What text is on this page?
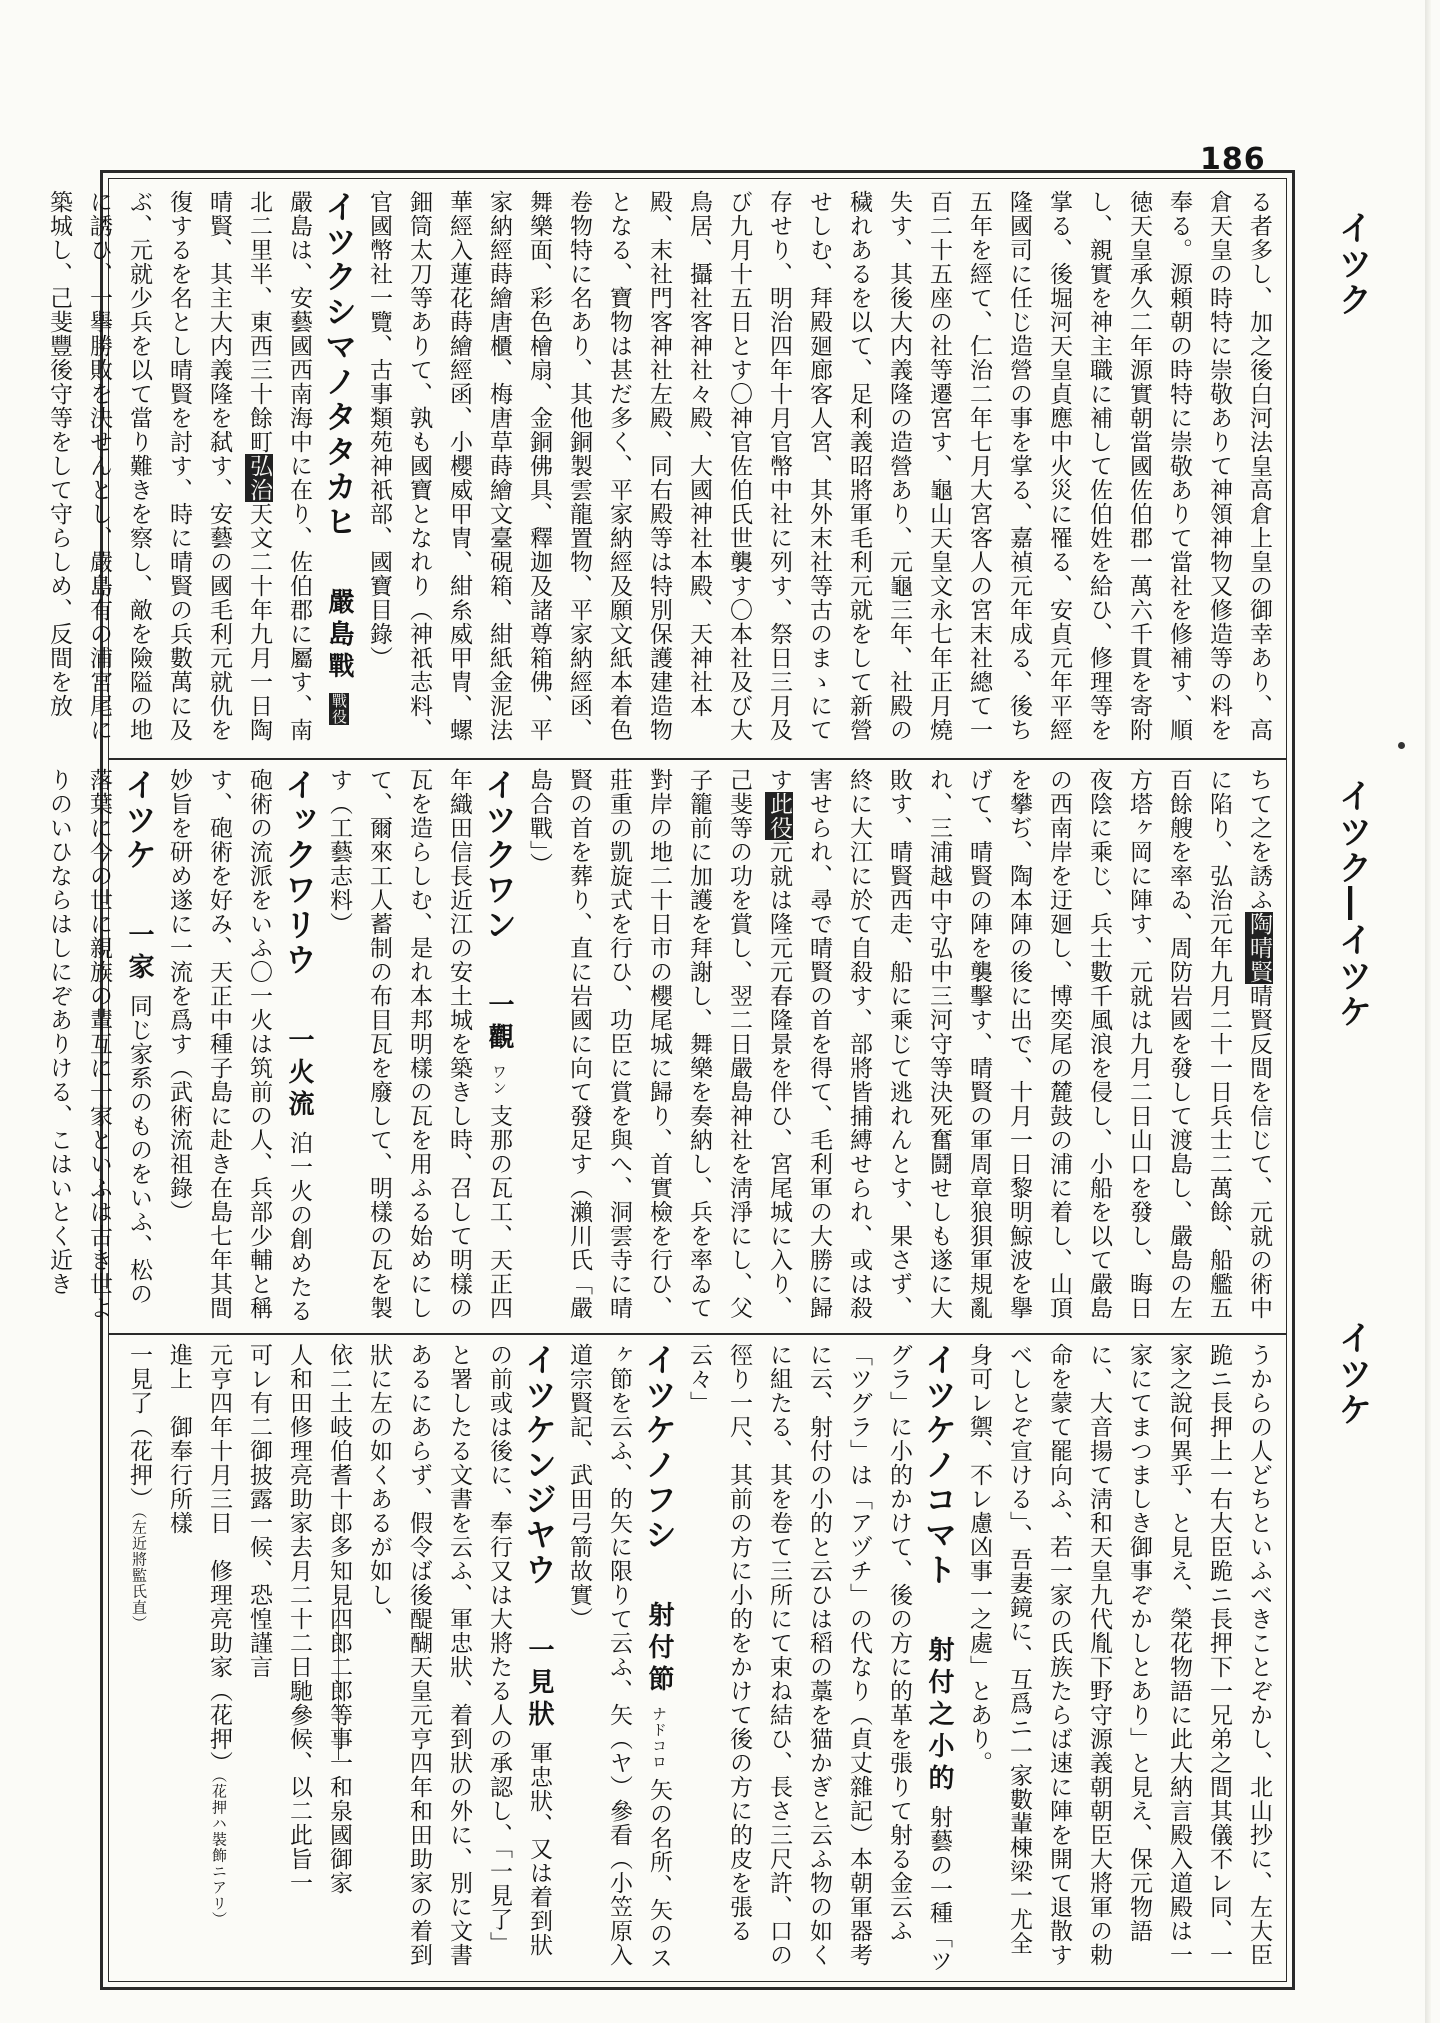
186
イツク
イツク―イツケ
イツケ
る者多し、加之後白河法皇高倉上皇の御幸あり、高倉天皇の時特に崇敬ありて神領神物又修造等の料を奉る。源頼朝の時特に崇敬ありて當社を修補す、順徳天皇承久二年源實朝當國佐伯郡一萬六千貫を寄附し、親實を神主職に補して佐伯姓を給ひ、修理等を掌る、後堀河天皇貞應中火災に罹る、安貞元年平經隆國司に任じ造營の事を掌る、嘉禎元年成る、後ち五年を經て、仁治二年七月大宮客人の宮末社總て一百二十五座の社等遷宮す、龜山天皇文永七年正月燒失す、其後大内義隆の造營あり、元龜三年、社殿の穢れあるを以て、足利義昭將軍毛利元就をして新營せしむ、拜殿廻廊客人宮、其外末社等古のまゝにて存せり、明治四年十月官幣中社に列す、祭日三月及び九月十五日とす〇神官佐伯氏世襲す〇本社及び大鳥居、攝社客神社々殿、大國神社本殿、天神社本殿、末社門客神社左殿、同右殿等は特別保護建造物となる、寶物は甚だ多く、平家納經及願文紙本着色卷物特に名あり、其他銅製雲龍置物、平家納經函、舞樂面、彩色檜扇、金銅佛具、釋迦及諸尊箱佛、平家納經蒔繪唐櫃、梅唐草蒔繪文臺硯箱、紺紙金泥法華經入蓮花蒔繪經函、小櫻威甲冑、紺糸威甲冑、螺鈿筒太刀等ありて、孰も國寶となれり（神祇志料、官國幣社一覽、古事類苑神祇部、國寶目錄）
イツクシマノタタカヒ 嚴島戰 戰役
嚴島は、安藝國西南海中に在り、佐伯郡に屬す、南北二里半、東西三十餘町弘治天文二十年九月一日陶晴賢、其主大内義隆を弑す、安藝の國毛利元就仇を復するを名とし晴賢を討す、時に晴賢の兵數萬に及ぶ、元就少兵を以て當り難きを察し、敵を險隘の地に誘ひ、一擧勝敗を決せんとし、嚴島有の浦宮尾に築城し、己斐豐後守等をして守らしめ、反間を放
ちて之を誘ふ陶晴賢晴賢反間を信じて、元就の術中に陷り、弘治元年九月二十一日兵士二萬餘、船艦五百餘艘を率ゐ、周防岩國を發して渡島し、嚴島の左方塔ヶ岡に陣す、元就は九月二日山口を發し、晦日夜陰に乘じ、兵士數千風浪を侵し、小船を以て嚴島の西南岸を迂廻し、博奕尾の麓鼓の浦に着し、山頂を攀ぢ、陶本陣の後に出で、十月一日黎明鯨波を擧げて、晴賢の陣を襲擊す、晴賢の軍周章狼狽軍規亂れ、三浦越中守弘中三河守等決死奮鬪せしも遂に大敗す、晴賢西走、船に乘じて逃れんとす、果さず、終に大江に於て自殺す、部將皆捕縛せられ、或は殺害せられ、尋で晴賢の首を得て、毛利軍の大勝に歸す此役元就は隆元元春隆景を伴ひ、宮尾城に入り、己斐等の功を賞し、翌二日嚴島神社を淸淨にし、父子籠前に加護を拜謝し、舞樂を奏納し、兵を率ゐて對岸の地二十日市の櫻尾城に歸り、首實檢を行ひ、莊重の凱旋式を行ひ、功臣に賞を與へ、洞雲寺に晴賢の首を葬り、直に岩國に向て發足す（瀨川氏「嚴島合戰」）
イツクワン 一觀 ワン 支那の瓦工、天正四年織田信長近江の安土城を築きし時、召して明樣の瓦を造らしむ、是れ本邦明樣の瓦を用ふる始めにして、爾來工人蓄制の布目瓦を廢して、明樣の瓦を製す（工藝志料）
イックワリウ 一火流 泊一火の創めたる砲術の流派をいふ〇一火は筑前の人、兵部少輔と稱す、砲術を好み、天正中種子島に赴き在島七年其間妙旨を研め遂に一流を爲す（武術流祖錄）
イツケ 一家 同じ家系のものをいふ、松の落葉に今の世に親族の輩互に一家といふは古き世よりのいひならはしにぞありける、こはいとく近き
うからの人どちといふべきことぞかし、北山抄に、左大臣跪ニ長押上一右大臣跪ニ長押下一兄弟之間其儀不レ同、一家之說何異乎、と見え、榮花物語に此大納言殿入道殿は一家にてまつましき御事ぞかしとあり」と見え、保元物語に、大音揚て淸和天皇九代胤下野守源義朝朝臣大將軍の勅命を蒙て罷向ふ、若一家の氏族たらば速に陣を開て退散すべしとぞ宣ける」、吾妻鏡に、互爲ニ一家數輩棟梁一尤全身可レ禦、不レ慮凶事一之處」とあり。
イツケノコマト 射付之小的 射藝の一種「ツグラ」に小的かけて、後の方に的革を張りて射る金云ふ「ツグラ」は「アヅチ」の代なり（貞丈雜記）本朝軍器考に云、射付の小的と云ひは稻の藁を猫かぎと云ふ物の如くに組たる、其を卷て三所にて束ね結ひ、長さ三尺許、口の徑り一尺、其前の方に小的をかけて後の方に的皮を張る云々」
イツケノフシ 射付節 ナドコロ 矢の名所、矢のスヶ節を云ふ、的矢に限りて云ふ、矢（ヤ）參看（小笠原入道宗賢記、武田弓箭故實）
イツケンジヤウ 一見狀 軍忠狀、又は着到狀の前或は後に、奉行又は大將たる人の承認し、「一見了」と署したる文書を云ふ、軍忠狀、着到狀の外に、別に文書あるにあらず、假令ば後醍醐天皇元亨四年和田助家の着到狀に左の如くあるが如し、
依二土岐伯耆十郎多知見四郎二郎等事一和泉國御家
人和田修理亮助家去月二十二日馳參候、以二此旨一
可レ有二御披露一候、恐惶謹言
元亨四年十月三日　修理亮助家（花押）（花押ハ裝飾ニアリ）
進上　御奉行所樣
一見了（花押）（左近將監氏直）
